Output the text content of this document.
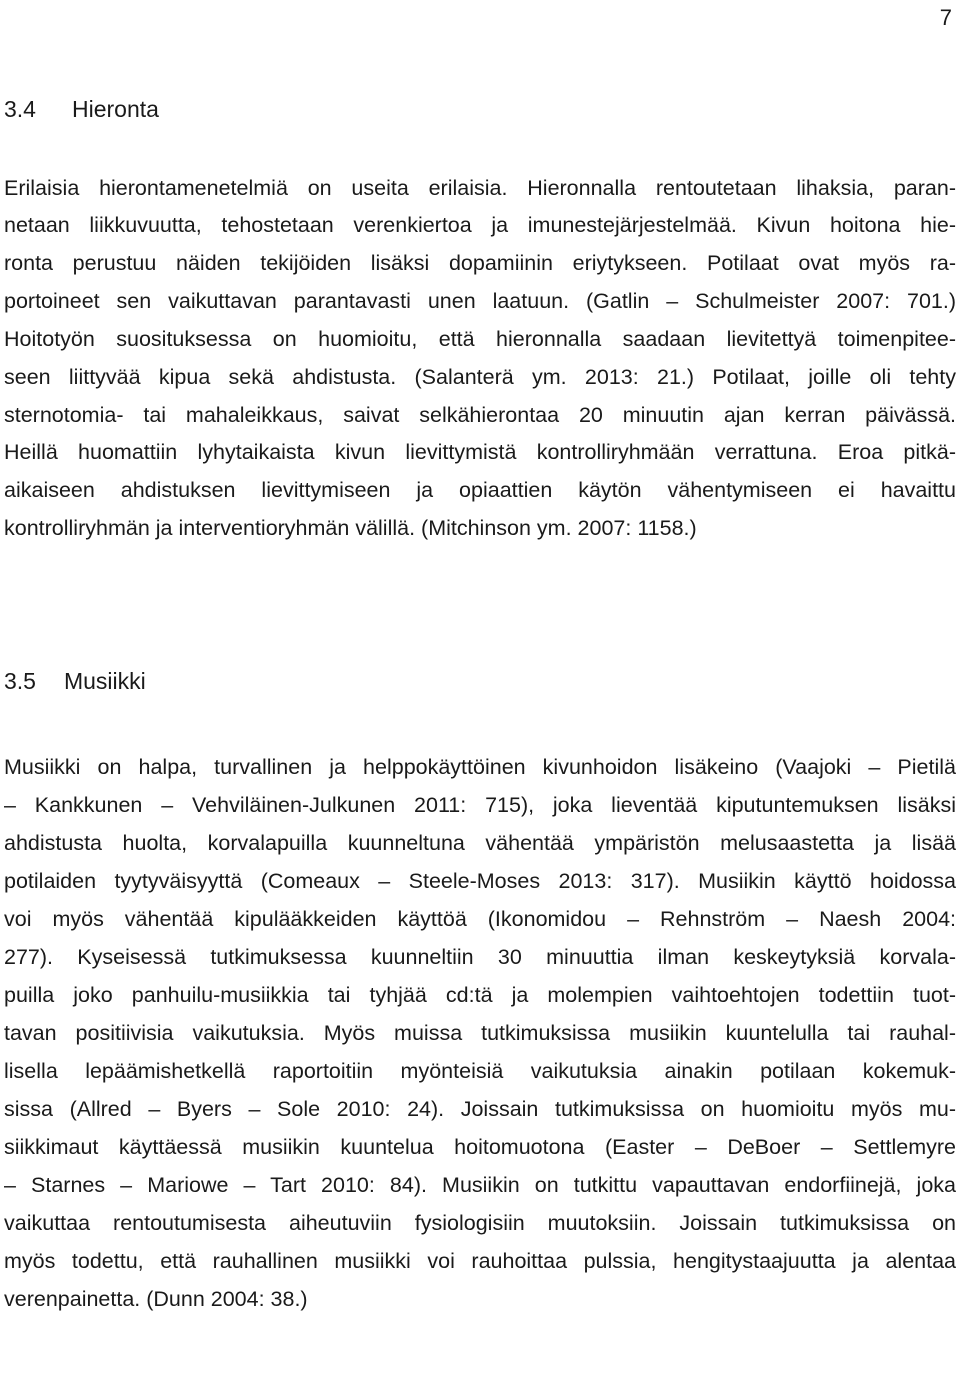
7
3.4 Hieronta
Erilaisia hierontamenetelmiä on useita erilaisia. Hieronnalla rentoutetaan lihaksia, paran-
netaan liikkuvuutta, tehostetaan verenkiertoa ja imunestejärjestelmää. Kivun hoitona hie-
ronta perustuu näiden tekijöiden lisäksi dopamiinin eriytykseen. Potilaat ovat myös ra-
portoineet sen vaikuttavan parantavasti unen laatuun. (Gatlin – Schulmeister 2007: 701.)
Hoitotyön suosituksessa on huomioitu, että hieronnalla saadaan lievitettyä toimenpitee-
seen liittyvää kipua sekä ahdistusta. (Salanterä ym. 2013: 21.) Potilaat, joille oli tehty
sternotomia- tai mahaleikkaus, saivat selkähierontaa 20 minuutin ajan kerran päivässä.
Heillä huomattiin lyhytaikaista kivun lievittymistä kontrolliryhmään verrattuna. Eroa pitkä-
aikaiseen ahdistuksen lievittymiseen ja opiaattien käytön vähentymiseen ei havaittu
kontrolliryhmän ja interventioryhmän välillä. (Mitchinson ym. 2007: 1158.)
3.5 Musiikki
Musiikki on halpa, turvallinen ja helppokäyttöinen kivunhoidon lisäkeino (Vaajoki – Pietilä
– Kankkunen – Vehviläinen-Julkunen 2011: 715), joka lieventää kiputuntemuksen lisäksi
ahdistusta huolta, korvalapuilla kuunneltuna vähentää ympäristön melusaastetta ja lisää
potilaiden tyytyväisyyttä (Comeaux – Steele-Moses 2013: 317). Musiikin käyttö hoidossa
voi myös vähentää kipulääkkeiden käyttöä (Ikonomidou – Rehnström – Naesh 2004:
277). Kyseisessä tutkimuksessa kuunneltiin 30 minuuttia ilman keskeytyksiä korvala-
puilla joko panhuilu-musiikkia tai tyhjää cd:tä ja molempien vaihtoehtojen todettiin tuot-
tavan positiivisia vaikutuksia. Myös muissa tutkimuksissa musiikin kuuntelulla tai rauhal-
lisella lepäämishetkellä raportoitiin myönteisiä vaikutuksia ainakin potilaan kokemuk-
sissa (Allred – Byers – Sole 2010: 24). Joissain tutkimuksissa on huomioitu myös mu-
siikkimaut käyttäessä musiikin kuuntelua hoitomuotona (Easter – DeBoer – Settlemyre
– Starnes – Mariowe – Tart 2010: 84). Musiikin on tutkittu vapauttavan endorfiinejä, joka
vaikuttaa rentoutumisesta aiheutuviin fysiologisiin muutoksiin. Joissain tutkimuksissa on
myös todettu, että rauhallinen musiikki voi rauhoittaa pulssia, hengitystaajuutta ja alentaa
verenpainetta. (Dunn 2004: 38.)
